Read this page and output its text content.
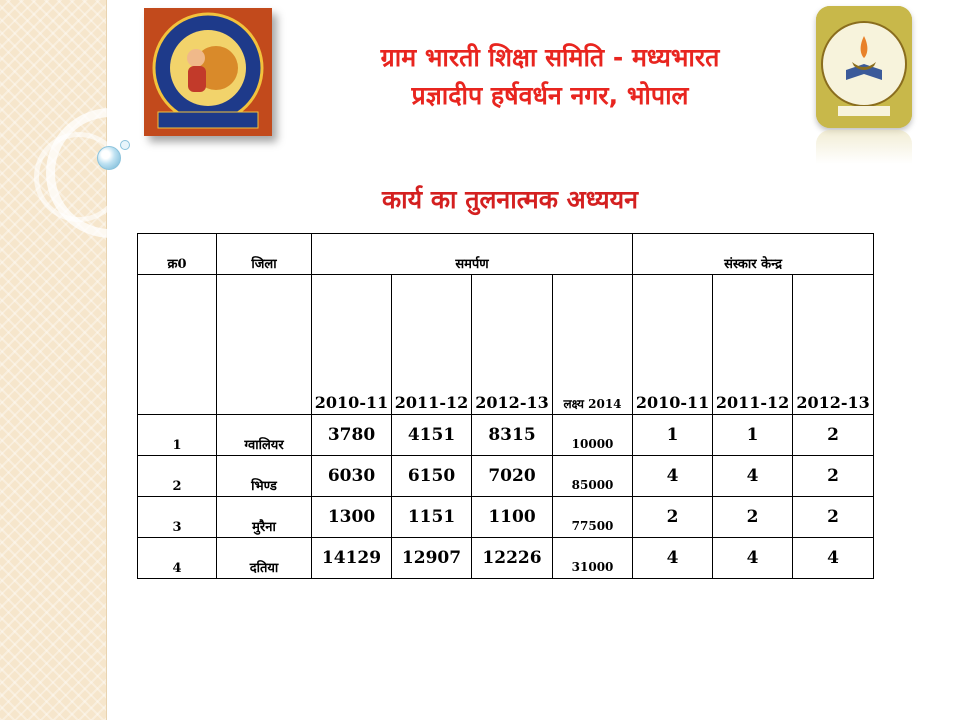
ग्राम भारती शिक्षा समिति - मध्यभारत
प्रज्ञादीप हर्षवर्धन नगर, भोपाल
कार्य का तुलनात्मक अध्ययन
क्र0	जिला	समर्पण				संस्कार केन्द्र		

		2010-11	2011-12	2012-13	लक्ष्य 2014	2010-11	2011-12	2012-13

1	ग्वालियर	3780	4151	8315	10000	1	1	2

2	भिण्ड	6030	6150	7020	85000	4	4	2

3	मुरैना	1300	1151	1100	77500	2	2	2

4	दतिया	14129	12907	12226	31000	4	4	4
